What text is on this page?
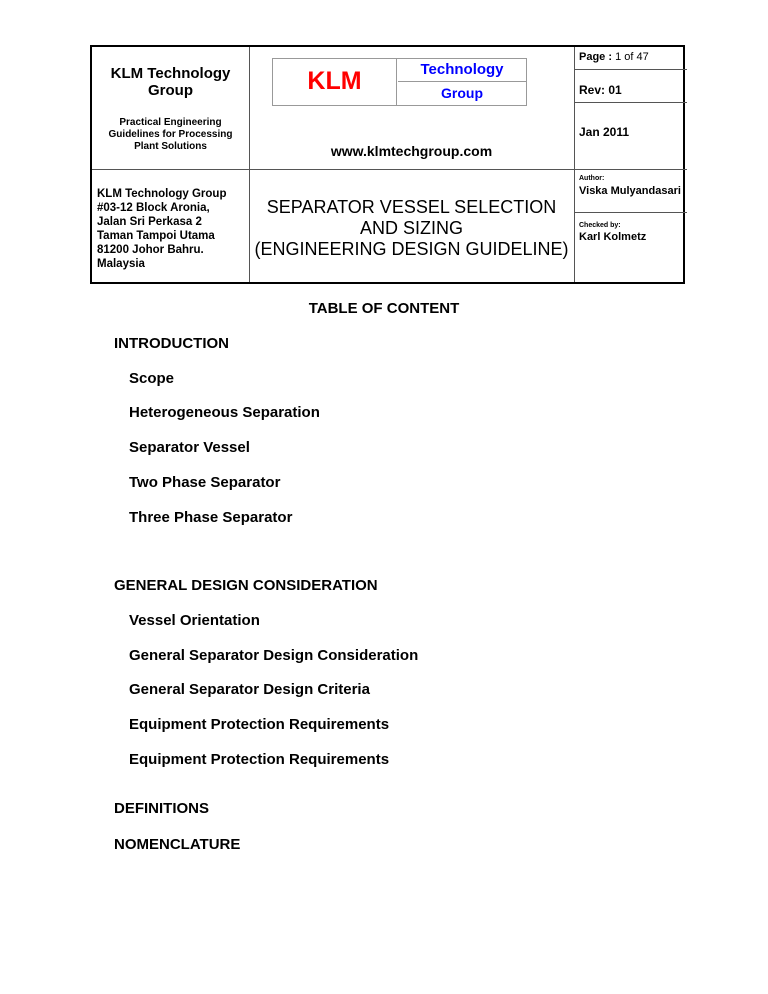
KLM Technology Group
Practical Engineering Guidelines for Processing Plant Solutions
KLM	Technology
Group
www.klmtechgroup.com
KLM Technology Group
#03-12 Block Aronia,
Jalan Sri Perkasa 2
Taman Tampoi Utama
81200 Johor Bahru.
Malaysia
SEPARATOR VESSEL SELECTION
AND SIZING
(ENGINEERING DESIGN GUIDELINE)
Page : 1 of 47
Rev: 01
Jan 2011
Author:
Viska Mulyandasari
Checked by:
Karl Kolmetz
TABLE OF CONTENT
INTRODUCTION
Scope
Heterogeneous Separation
Separator Vessel
Two Phase Separator
Three Phase Separator
GENERAL DESIGN CONSIDERATION
Vessel Orientation
General Separator Design Consideration
General Separator Design Criteria
Equipment Protection Requirements
Equipment Protection Requirements
DEFINITIONS
NOMENCLATURE
